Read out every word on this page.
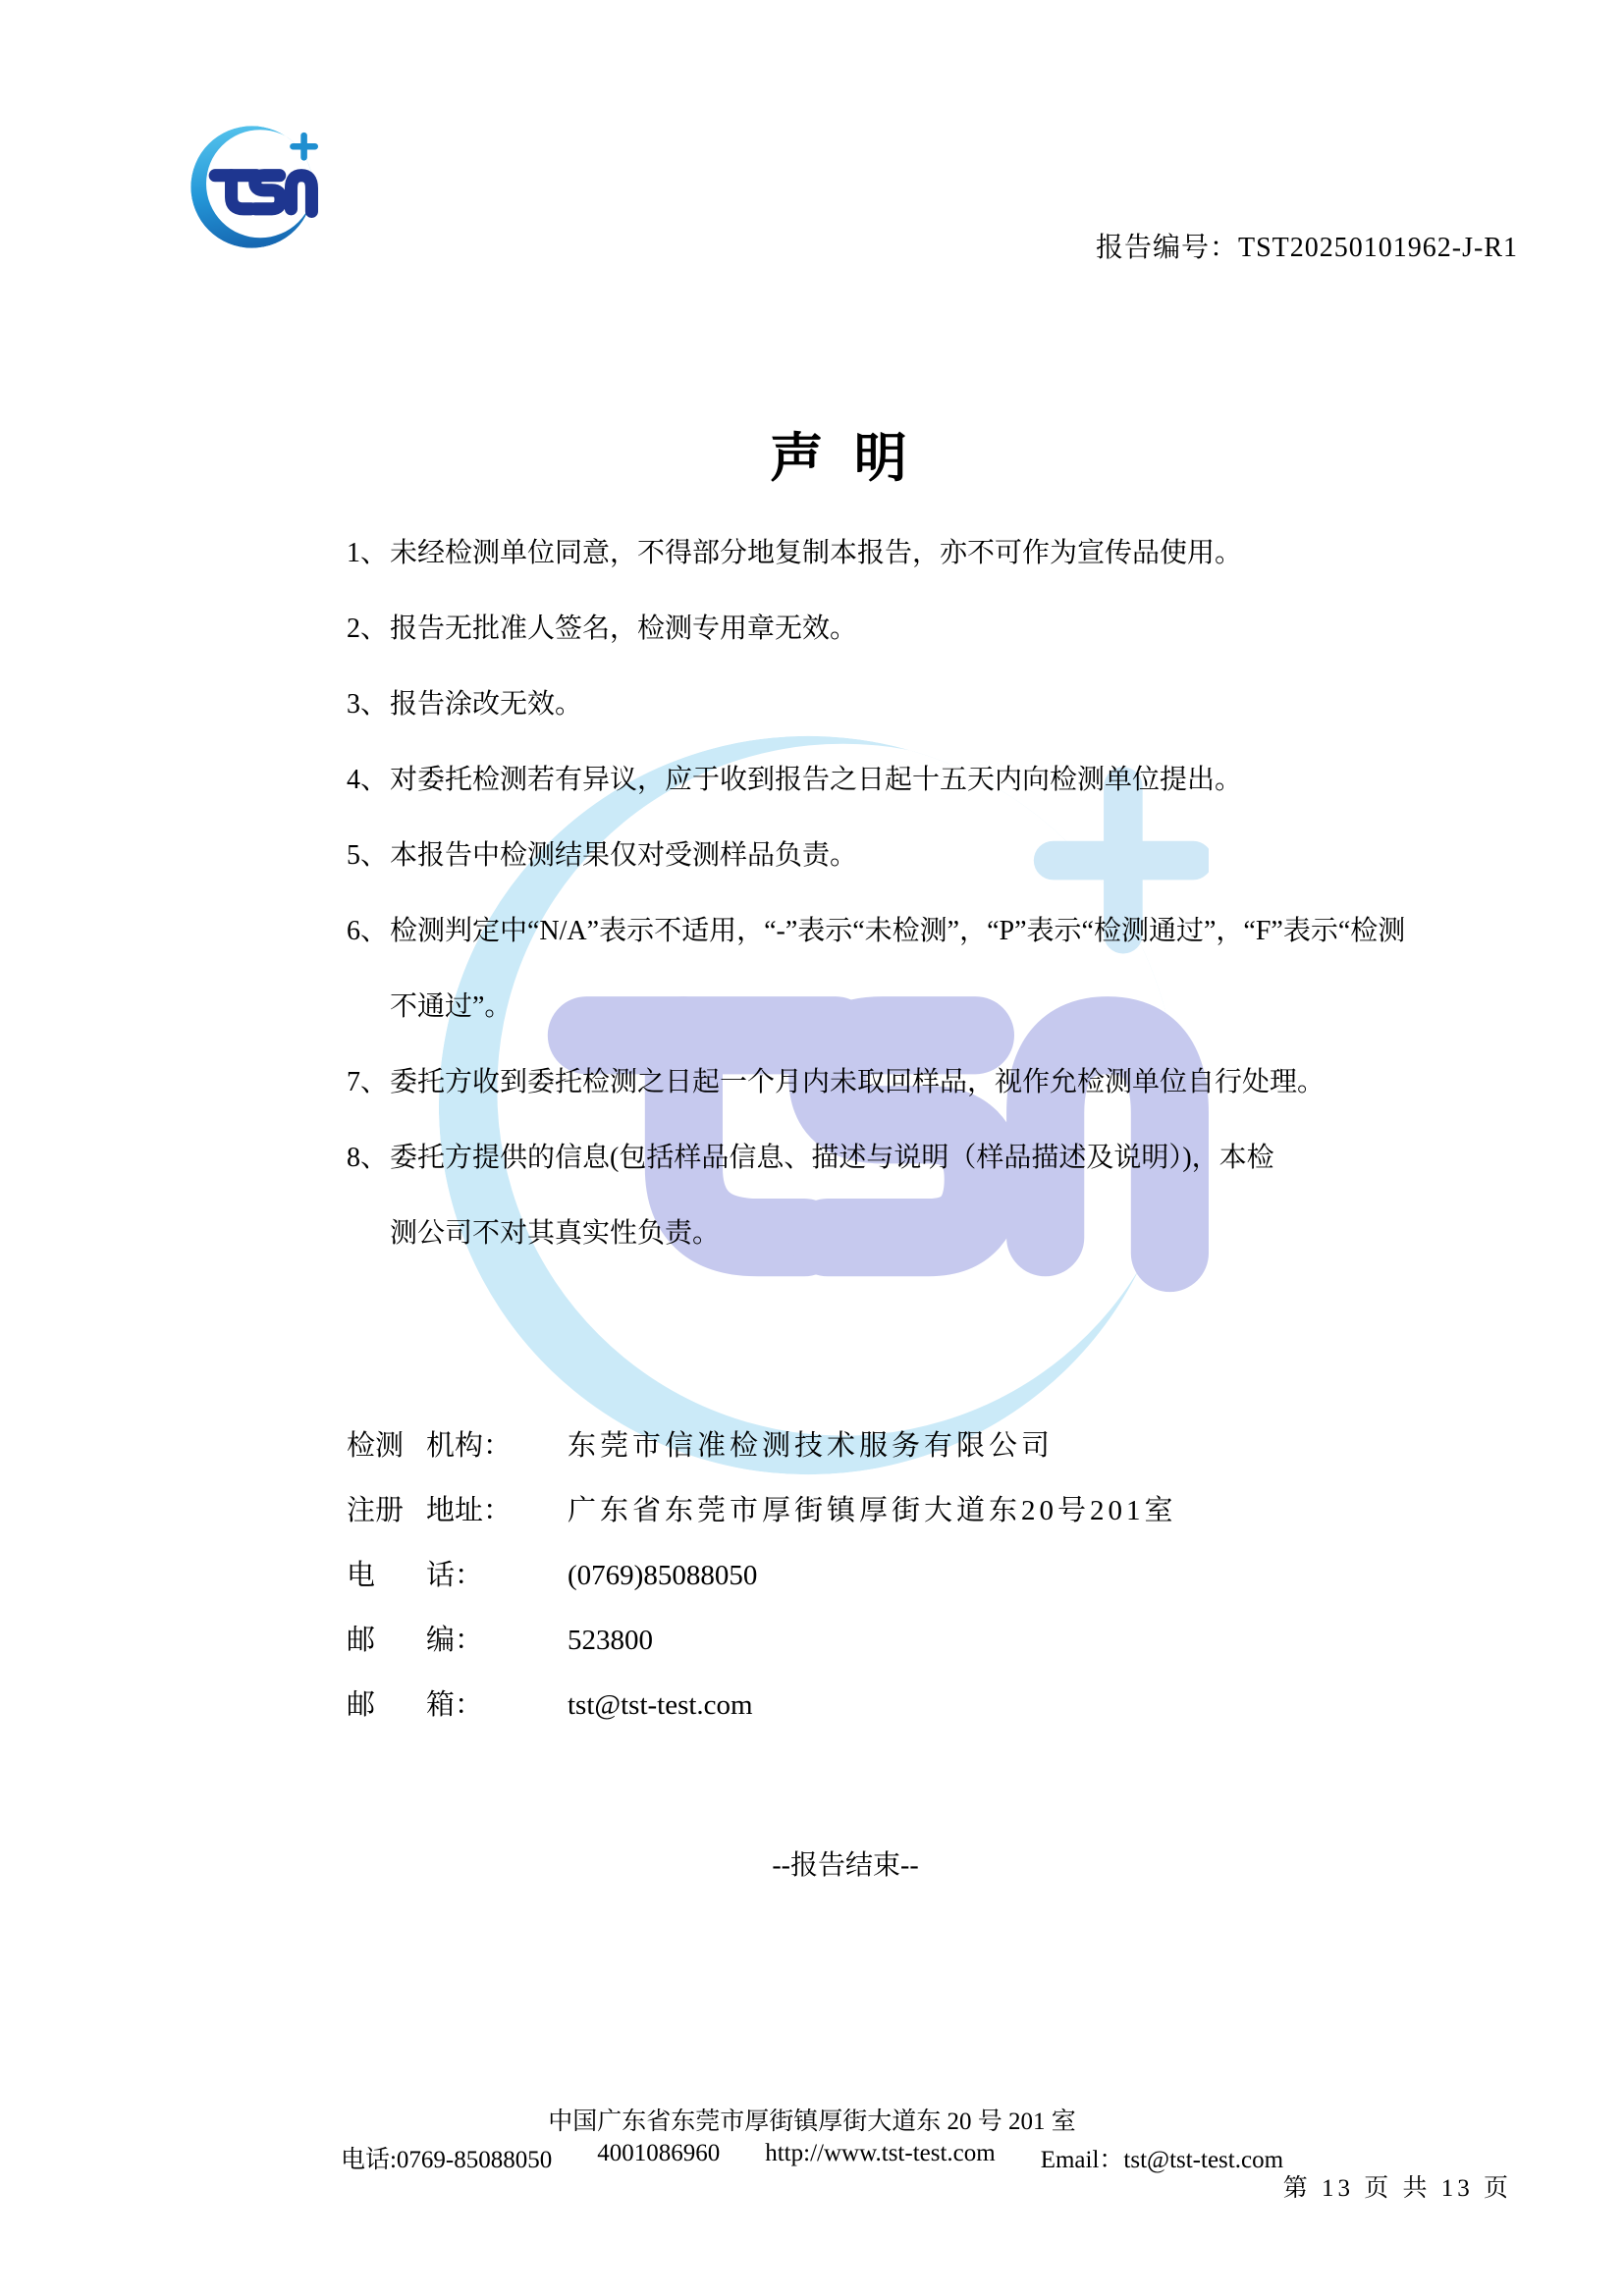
报告编号：TST20250101962-J-R1
声 明
1、 未经检测单位同意，不得部分地复制本报告，亦不可作为宣传品使用。
2、 报告无批准人签名，检测专用章无效。
3、 报告涂改无效。
4、 对委托检测若有异议，应于收到报告之日起十五天内向检测单位提出。
5、 本报告中检测结果仅对受测样品负责。
6、 检测判定中“N/A”表示不适用，“-”表示“未检测”，“P”表示“检测通过”，“F”表示“检测
不通过”。
7、 委托方收到委托检测之日起一个月内未取回样品，视作允检测单位自行处理。
8、 委托方提供的信息(包括样品信息、描述与说明（样品描述及说明）)，本检
测公司不对其真实性负责。
检测 机构：	东莞市信准检测技术服务有限公司
注册 地址：	广东省东莞市厚街镇厚街大道东20号201室
电	话：	(0769)85088050
邮	编：	523800
邮	箱：	tst@tst-test.com
--报告结束--
中国广东省东莞市厚街镇厚街大道东 20 号 201 室
电话:0769-85088050 4001086960 http://www.tst-test.com Email：tst@tst-test.com
第 13 页 共 13 页
